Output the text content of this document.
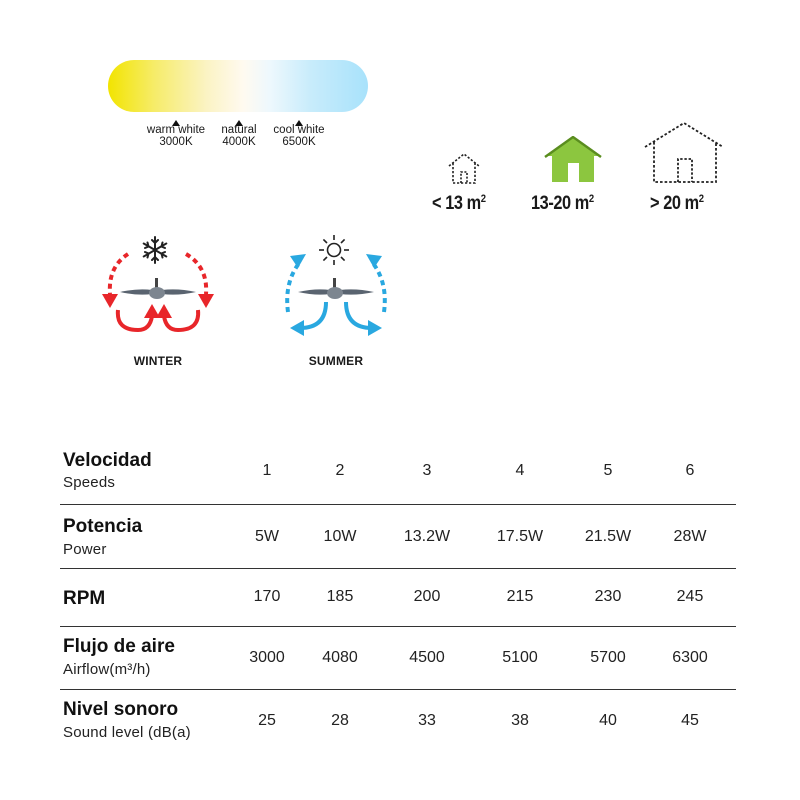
warm white
3000K
natural
4000K
cool white
6500K
< 13 $m^2$ 13-20 $m^2$	> 20 $m^2$
WINTER	SUMMER
Velocidad
Speeds
1	2	3	4	5	6
Potencia
Power
5W	10W	13.2W	17.5W	21.5W	28W
RPM	170	185	200	215	230	245
Flujo de aire
Airflow(m³/h)
3000	4080	4500	5100	5700	6300
Nivel sonoro
Sound level (dB(a)
25	28	33	38	40	45
